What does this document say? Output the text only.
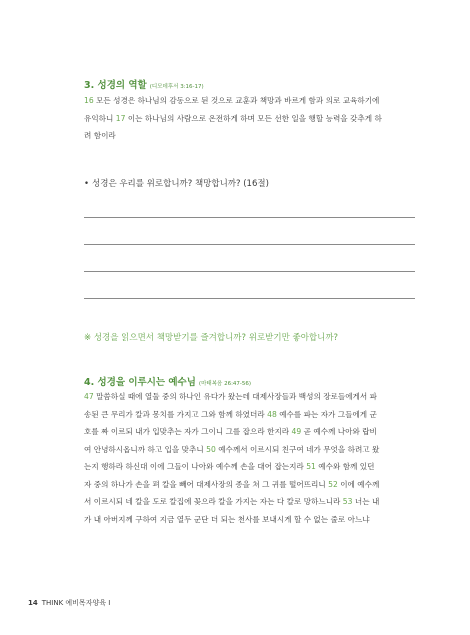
3. 성경의 역할 (디모데후서 3:16-17)
16 모든 성경은 하나님의 감동으로 된 것으로 교훈과 책망과 바르게 함과 의로 교육하기에
유익하니 17 이는 하나님의 사람으로 온전하게 하며 모든 선한 일을 행할 능력을 갖추게 하
려 함이라
• 성경은 우리를 위로합니까? 책망합니까? (16절)
※ 성경을 읽으면서 책망받기를 즐겨합니까? 위로받기만 좋아합니까?
4. 성경을 이루시는 예수님 (마태복음 26:47-56)
47 말씀하실 때에 열둘 중의 하나인 유다가 왔는데 대제사장들과 백성의 장로들에게서 파
송된 큰 무리가 칼과 몽치를 가지고 그와 함께 하였더라 48 예수를 파는 자가 그들에게 군
호를 짜 이르되 내가 입맞추는 자가 그이니 그를 잡으라 한지라 49 곧 예수께 나아와 랍비
여 안녕하시옵니까 하고 입을 맞추니 50 예수께서 이르시되 친구여 네가 무엇을 하려고 왔
는지 행하라 하신대 이에 그들이 나아와 예수께 손을 대어 잡는지라 51 예수와 함께 있던
자 중의 하나가 손을 펴 칼을 빼어 대제사장의 종을 쳐 그 귀를 떨어뜨리니 52 이에 예수께
서 이르시되 네 칼을 도로 칼집에 꽂으라 칼을 가지는 자는 다 칼로 망하느니라 53 너는 내
가 내 아버지께 구하여 지금 열두 군단 더 되는 천사를 보내시게 할 수 없는 줄로 아느냐
14 THINK 예비목자양육 I
